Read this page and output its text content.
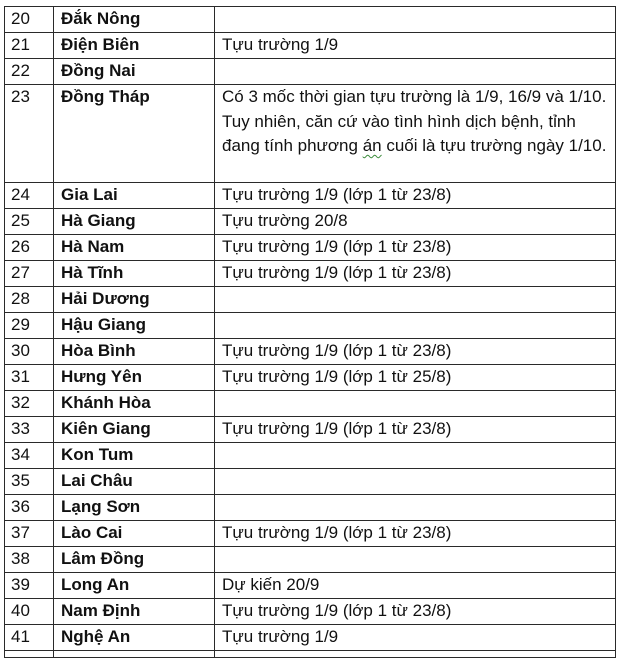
20	Đắk Nông	
21	Điện Biên	Tựu trường 1/9
22	Đồng Nai	
23	Đồng Tháp	Có 3 mốc thời gian tựu trường là 1/9, 16/9 và 1/10. Tuy nhiên, căn cứ vào tình hình dịch bệnh, tỉnh đang tính phương án cuối là tựu trường ngày 1/10.
24	Gia Lai	Tựu trường 1/9 (lớp 1 từ 23/8)
25	Hà Giang	Tựu trường 20/8
26	Hà Nam	Tựu trường 1/9 (lớp 1 từ 23/8)
27	Hà Tĩnh	Tựu trường 1/9 (lớp 1 từ 23/8)
28	Hải Dương	
29	Hậu Giang	
30	Hòa Bình	Tựu trường 1/9 (lớp 1 từ 23/8)
31	Hưng Yên	Tựu trường 1/9 (lớp 1 từ 25/8)
32	Khánh Hòa	
33	Kiên Giang	Tựu trường 1/9 (lớp 1 từ 23/8)
34	Kon Tum	
35	Lai Châu	
36	Lạng Sơn	
37	Lào Cai	Tựu trường 1/9 (lớp 1 từ 23/8)
38	Lâm Đồng	
39	Long An	Dự kiến 20/9
40	Nam Định	Tựu trường 1/9 (lớp 1 từ 23/8)
41	Nghệ An	Tựu trường 1/9
